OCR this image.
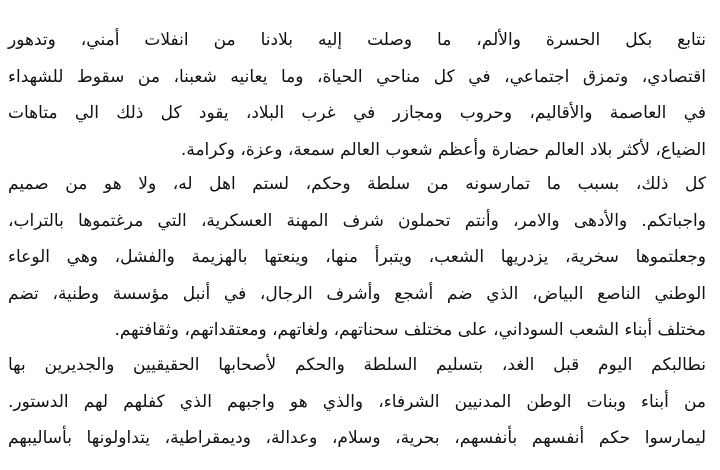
نتابع بكل الحسرة والألم، ما وصلت إليه بلادنا من انفلات أمني، وتدهور
اقتصادي، وتمزق اجتماعي، في كل مناحي الحياة، وما يعانيه شعبنا، من سقوط للشهداء
في العاصمة والأقاليم، وحروب ومجازر في غرب البلاد، يقود كل ذلك الي متاهات
الضياع، لأكثر بلاد العالم حضارة وأعظم شعوب العالم سمعة، وعزة، وكرامة.
كل ذلك، بسبب ما تمارسونه من سلطة وحكم، لستم اهل له، ولا هو من صميم
واجباتكم. والأدهى والامر، وأنتم تحملون شرف المهنة العسكرية، التي مرغتموها بالتراب،
وجعلتموها سخرية، يزدريها الشعب، ويتبرأ منها، وينعتها بالهزيمة والفشل، وهي الوعاء
الوطني الناصع البياض، الذي ضم أشجع وأشرف الرجال، في أنبل مؤسسة وطنية، تضم
مختلف أبناء الشعب السوداني، على مختلف سحناتهم، ولغاتهم، ومعتقداتهم، وثقافتهم.
نطالبكم اليوم قبل الغد، بتسليم السلطة والحكم لأصحابها الحقيقيين والجديرين بها
من أبناء وبنات الوطن المدنيين الشرفاء، والذي هو واجبهم الذي كفلهم لهم الدستور.
ليمارسوا حكم أنفسهم بأنفسهم، بحرية، وسلام، وعدالة، وديمقراطية، يتداولونها بأساليبهم
